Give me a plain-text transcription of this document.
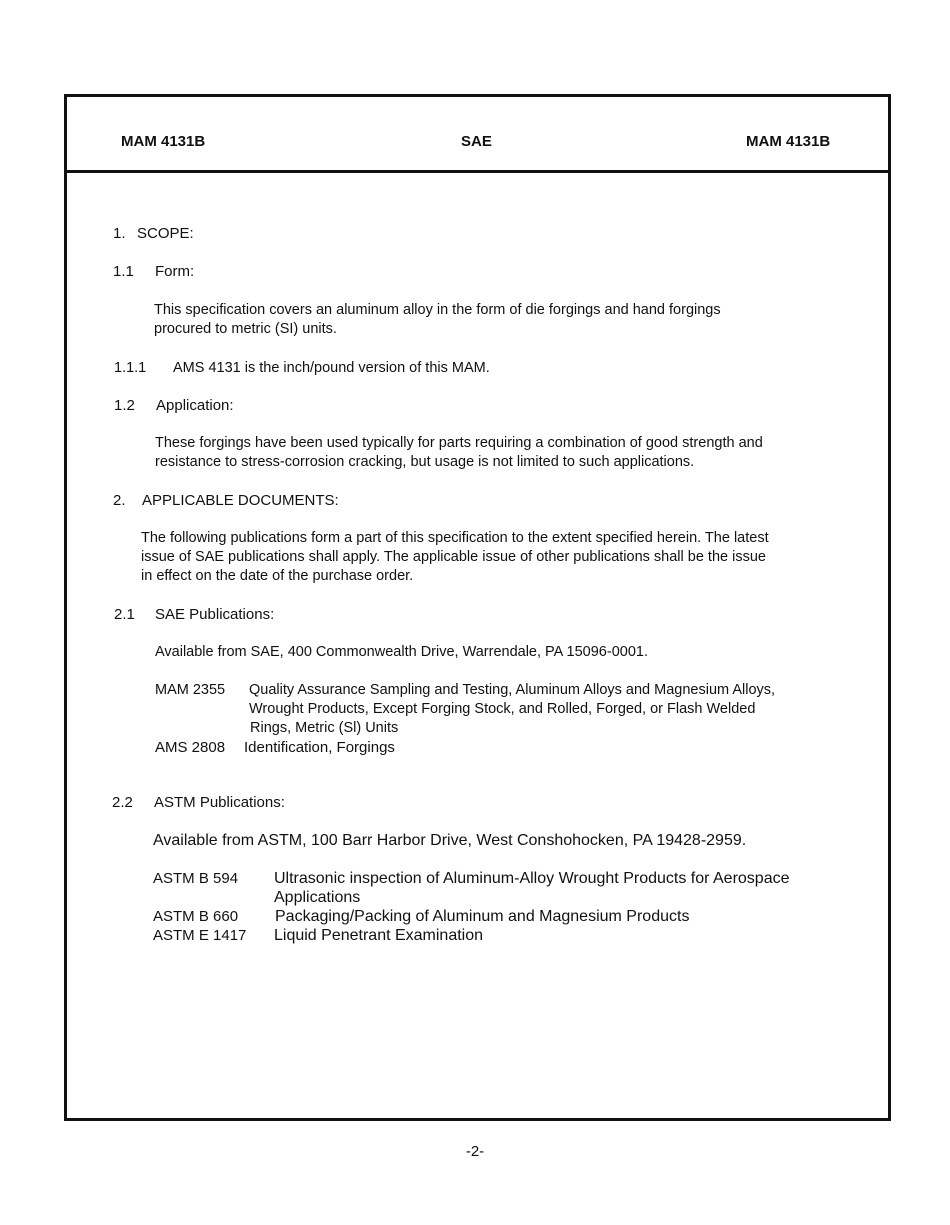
MAM 4131B	SAE	MAM 4131B
1. SCOPE:
1.1 Form:
This specification covers an aluminum alloy in the form of die forgings and hand forgings
procured to metric (SI) units.
1.1.1 AMS 4131 is the inch/pound version of this MAM.
1.2 Application:
These forgings have been used typically for parts requiring a combination of good strength and
resistance to stress-corrosion cracking, but usage is not limited to such applications.
2. APPLICABLE DOCUMENTS:
The following publications form a part of this specification to the extent specified herein. The latest
issue of SAE publications shall apply. The applicable issue of other publications shall be the issue
in effect on the date of the purchase order.
2.1 SAE Publications:
Available from SAE, 400 Commonwealth Drive, Warrendale, PA 15096-0001.
MAM 2355 Quality Assurance Sampling and Testing, Aluminum Alloys and Magnesium Alloys,
Wrought Products, Except Forging Stock, and Rolled, Forged, or Flash Welded
Rings, Metric (Sl) Units
AMS 2808 Identification, Forgings
2.2 ASTM Publications:
Available from ASTM, 100 Barr Harbor Drive, West Conshohocken, PA 19428-2959.
ASTM B 594 Ultrasonic inspection of Aluminum-Alloy Wrought Products for Aerospace
Applications
ASTM B 660 Packaging/Packing of Aluminum and Magnesium Products
ASTM E 1417 Liquid Penetrant Examination
-2-
